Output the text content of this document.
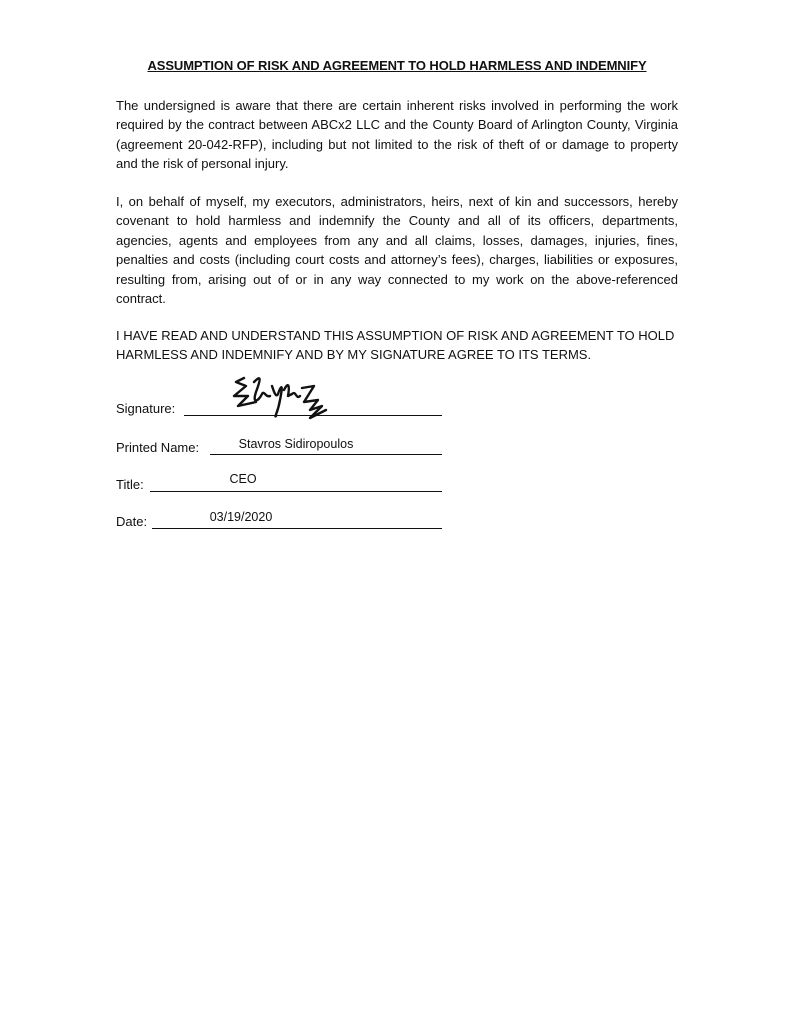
ASSUMPTION OF RISK AND AGREEMENT TO HOLD HARMLESS AND INDEMNIFY

The undersigned is aware that there are certain inherent risks involved in performing the work required by the contract between ABCx2 LLC and the County Board of Arlington County, Virginia (agreement 20-042-RFP), including but not limited to the risk of theft of or damage to property and the risk of personal injury.

I, on behalf of myself, my executors, administrators, heirs, next of kin and successors, hereby covenant to hold harmless and indemnify the County and all of its officers, departments, agencies, agents and employees from any and all claims, losses, damages, injuries, fines, penalties and costs (including court costs and attorney’s fees), charges, liabilities or exposures, resulting from, arising out of or in any way connected to my work on the above-referenced contract.

I HAVE READ AND UNDERSTAND THIS ASSUMPTION OF RISK AND AGREEMENT TO HOLD HARMLESS AND INDEMNIFY AND BY MY SIGNATURE AGREE TO ITS TERMS.

Signature:
Printed Name:	Stavros Sidiropoulos
Title:	CEO
Date:	03/19/2020
